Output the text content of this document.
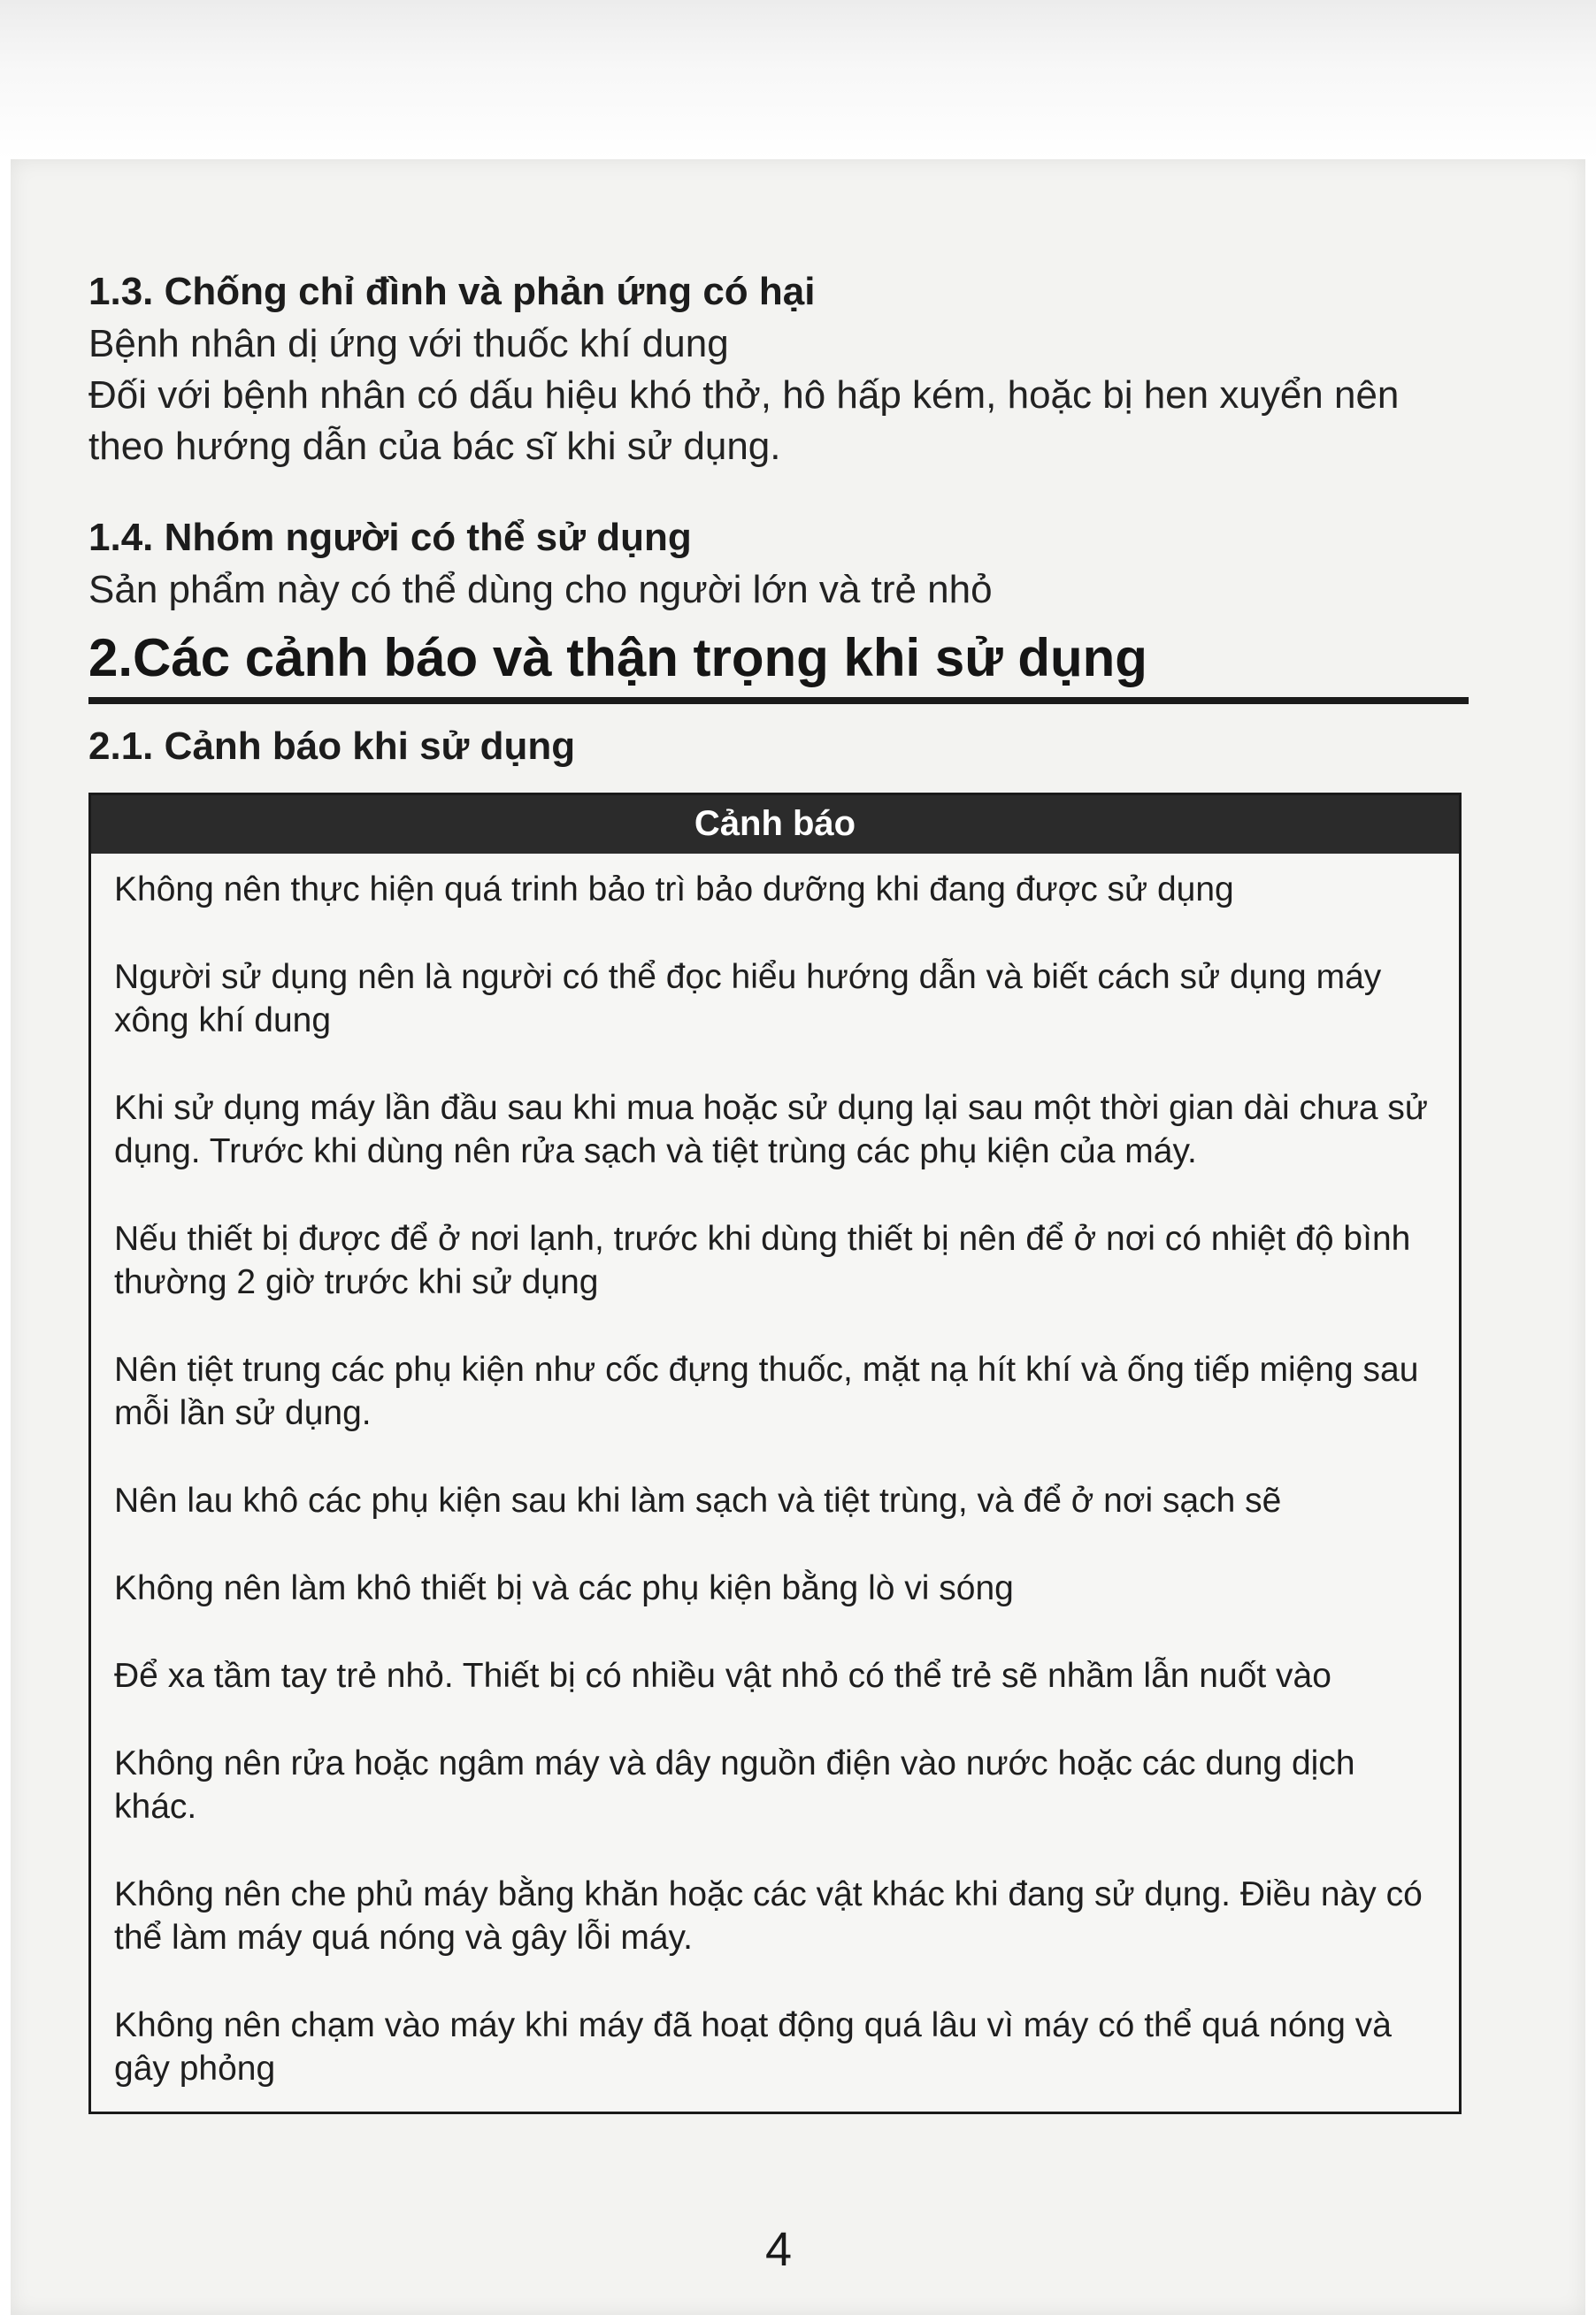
1.3. Chống chỉ đình và phản ứng có hại

Bệnh nhân dị ứng với thuốc khí dung

Đối với bệnh nhân có dấu hiệu khó thở, hô hấp kém, hoặc bị hen xuyển nên theo hướng dẫn của bác sĩ khi sử dụng.

1.4. Nhóm người có thể sử dụng

Sản phẩm này có thể dùng cho người lớn và trẻ nhỏ

2.Các cảnh báo và thận trọng khi sử dụng

2.1. Cảnh báo khi sử dụng

Cảnh báo

Không nên thực hiện quá trinh bảo trì bảo dưỡng khi đang được sử dụng

Người sử dụng nên là người có thể đọc hiểu hướng dẫn và biết cách sử dụng máy xông khí dung

Khi sử dụng máy lần đầu sau khi mua hoặc sử dụng lại sau một thời gian dài chưa sử dụng. Trước khi dùng nên rửa sạch và tiệt trùng các phụ kiện của máy.

Nếu thiết bị được để ở nơi lạnh, trước khi dùng thiết bị nên để ở nơi có nhiệt độ bình thường 2 giờ trước khi sử dụng

Nên tiệt trung các phụ kiện như cốc đựng thuốc, mặt nạ hít khí và ống tiếp miệng sau mỗi lần sử dụng.

Nên lau khô các phụ kiện sau khi làm sạch và tiệt trùng, và để ở nơi sạch sẽ

Không nên làm khô thiết bị và các phụ kiện bằng lò vi sóng

Để xa tầm tay trẻ nhỏ. Thiết bị có nhiều vật nhỏ có thể trẻ sẽ nhầm lẫn nuốt vào

Không nên rửa hoặc ngâm máy và dây nguồn điện vào nước hoặc các dung dịch khác.

Không nên che phủ máy bằng khăn hoặc các vật khác khi đang sử dụng. Điều này có thể làm máy quá nóng và gây lỗi máy.

Không nên chạm vào máy khi máy đã hoạt động quá lâu vì máy có thể quá nóng và gây phỏng

4
